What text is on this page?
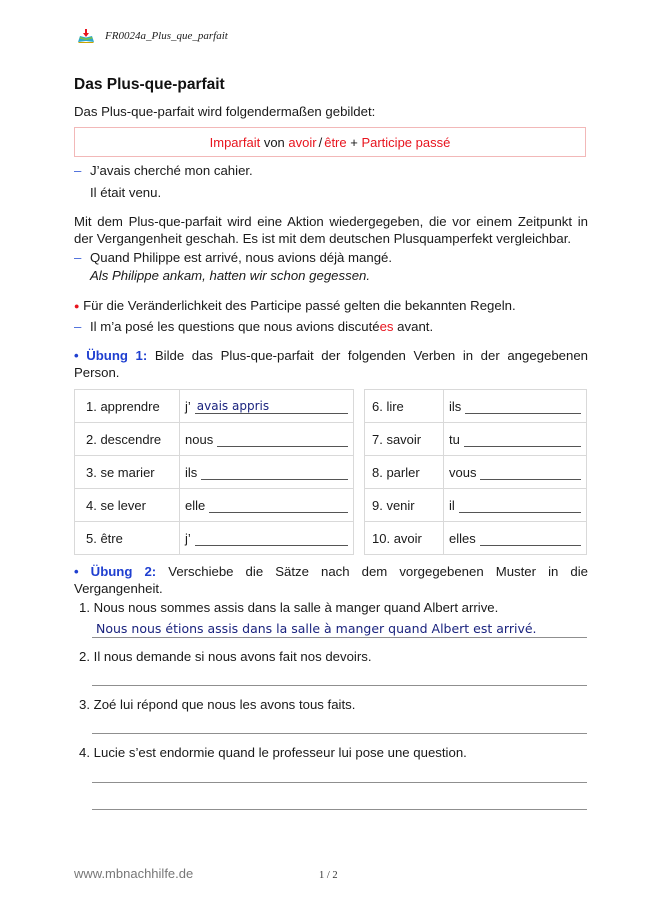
FR0024a_Plus_que_parfait
Das Plus-que-parfait
Das Plus-que-parfait wird folgendermaßen gebildet:
Imparfait von avoir / être + Participe passé
– J’avais cherché mon cahier.
Il était venu.
Mit dem Plus-que-parfait wird eine Aktion wiedergegeben, die vor einem Zeitpunkt in der Vergangenheit geschah. Es ist mit dem deutschen Plusquamperfekt vergleichbar.
– Quand Philippe est arrivé, nous avions déjà mangé.
Als Philippe ankam, hatten wir schon gegessen.
● Für die Veränderlichkeit des Participe passé gelten die bekannten Regeln.
– Il m’a posé les questions que nous avions discutées avant.
• Übung 1: Bilde das Plus-que-parfait der folgenden Verben in der angegebenen Person.
1. apprendre	j’ avais appris

2. descendre	nous

3. se marier	ils

4. se lever	elle

5. être	j’
6. lire	ils

7. savoir	tu

8. parler	vous

9. venir	il

10. avoir	elles
• Übung 2: Verschiebe die Sätze nach dem vorgegebenen Muster in die Vergangenheit.
1. Nous nous sommes assis dans la salle à manger quand Albert arrive.
Nous nous étions assis dans la salle à manger quand Albert est arrivé.
2. Il nous demande si nous avons fait nos devoirs.
3. Zoé lui répond que nous les avons tous faits.
4. Lucie s’est endormie quand le professeur lui pose une question.
www.mbnachhilfe.de	1 / 2
